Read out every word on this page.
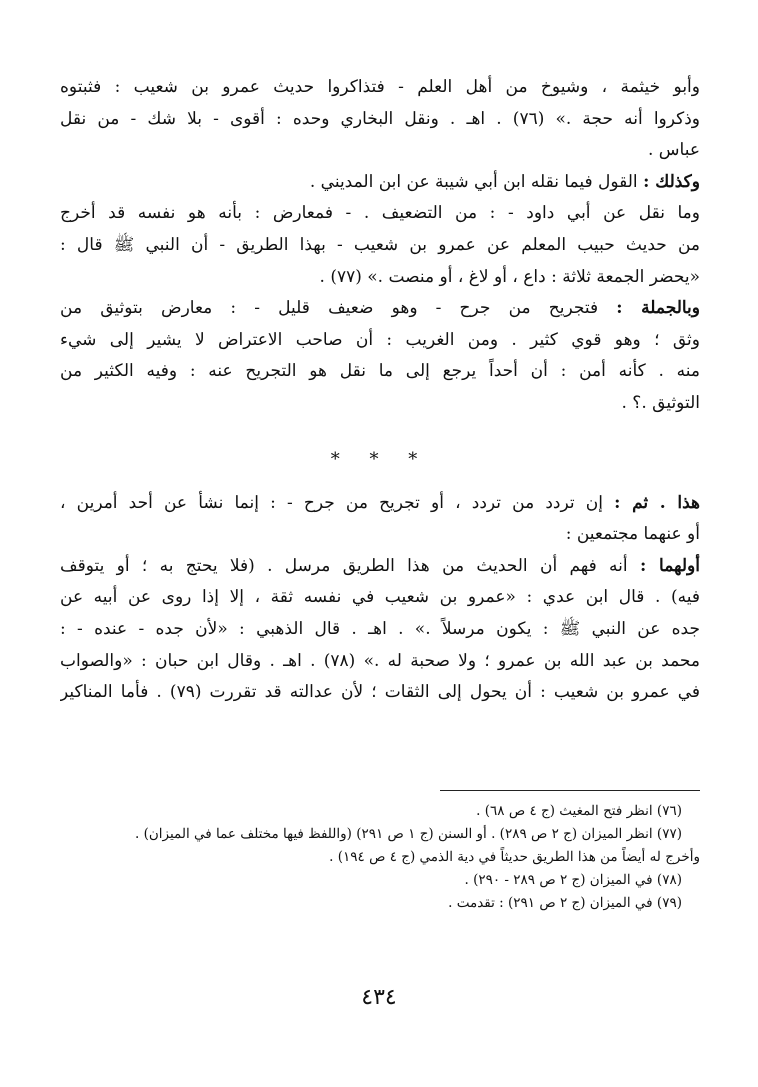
وأبو خيثمة ، وشيوخ من أهل العلم - فتذاكروا حديث عمرو بن شعيب : فثبتوه
وذكروا أنه حجة .» (٧٦) . اهـ . ونقل البخاري وحده : أقوى - بلا شك - من نقل
عباس .
وكذلك : القول فيما نقله ابن أبي شيبة عن ابن المديني .
وما نقل عن أبي داود - : من التضعيف . - فمعارض : بأنه هو نفسه قد أخرج
من حديث حبيب المعلم عن عمرو بن شعيب - بهذا الطريق - أن النبي ﷺ قال :
«يحضر الجمعة ثلاثة : داع ، أو لاغ ، أو منصت .» (٧٧) .
وبالجملة : فتجريح من جرح - وهو ضعيف قليل - : معارض بتوثيق من
وثق ؛ وهو قوي كثير . ومن الغريب : أن صاحب الاعتراض لا يشير إلى شيء
منه . كأنه أمن : أن أحداً يرجع إلى ما نقل هو التجريح عنه : وفيه الكثير من
التوثيق .؟ .
* * *
هذا . ثم : إن تردد من تردد ، أو تجريح من جرح - : إنما نشأ عن أحد أمرين ،
أو عنهما مجتمعين :
أولهما : أنه فهم أن الحديث من هذا الطريق مرسل . (فلا يحتج به ؛ أو يتوقف
فيه) . قال ابن عدي : «عمرو بن شعيب في نفسه ثقة ، إلا إذا روى عن أبيه عن
جده عن النبي ﷺ : يكون مرسلاً .» . اهـ . قال الذهبي : «لأن جده - عنده - :
محمد بن عبد الله بن عمرو ؛ ولا صحبة له .» (٧٨) . اهـ . وقال ابن حبان : «والصواب
في عمرو بن شعيب : أن يحول إلى الثقات ؛ لأن عدالته قد تقررت (٧٩) . فأما المناكير
(٧٦) انظر فتح المغيث (ج ٤ ص ٦٨) .
(٧٧) انظر الميزان (ج ٢ ص ٢٨٩) . أو السنن (ج ١ ص ٢٩١) (واللفظ فيها مختلف عما في الميزان) .
وأخرج له أيضاً من هذا الطريق حديثاً في دية الذمي (ج ٤ ص ١٩٤) .
(٧٨) في الميزان (ج ٢ ص ٢٨٩ - ٢٩٠) .
(٧٩) في الميزان (ج ٢ ص ٢٩١) : تقدمت .
٤٣٤
